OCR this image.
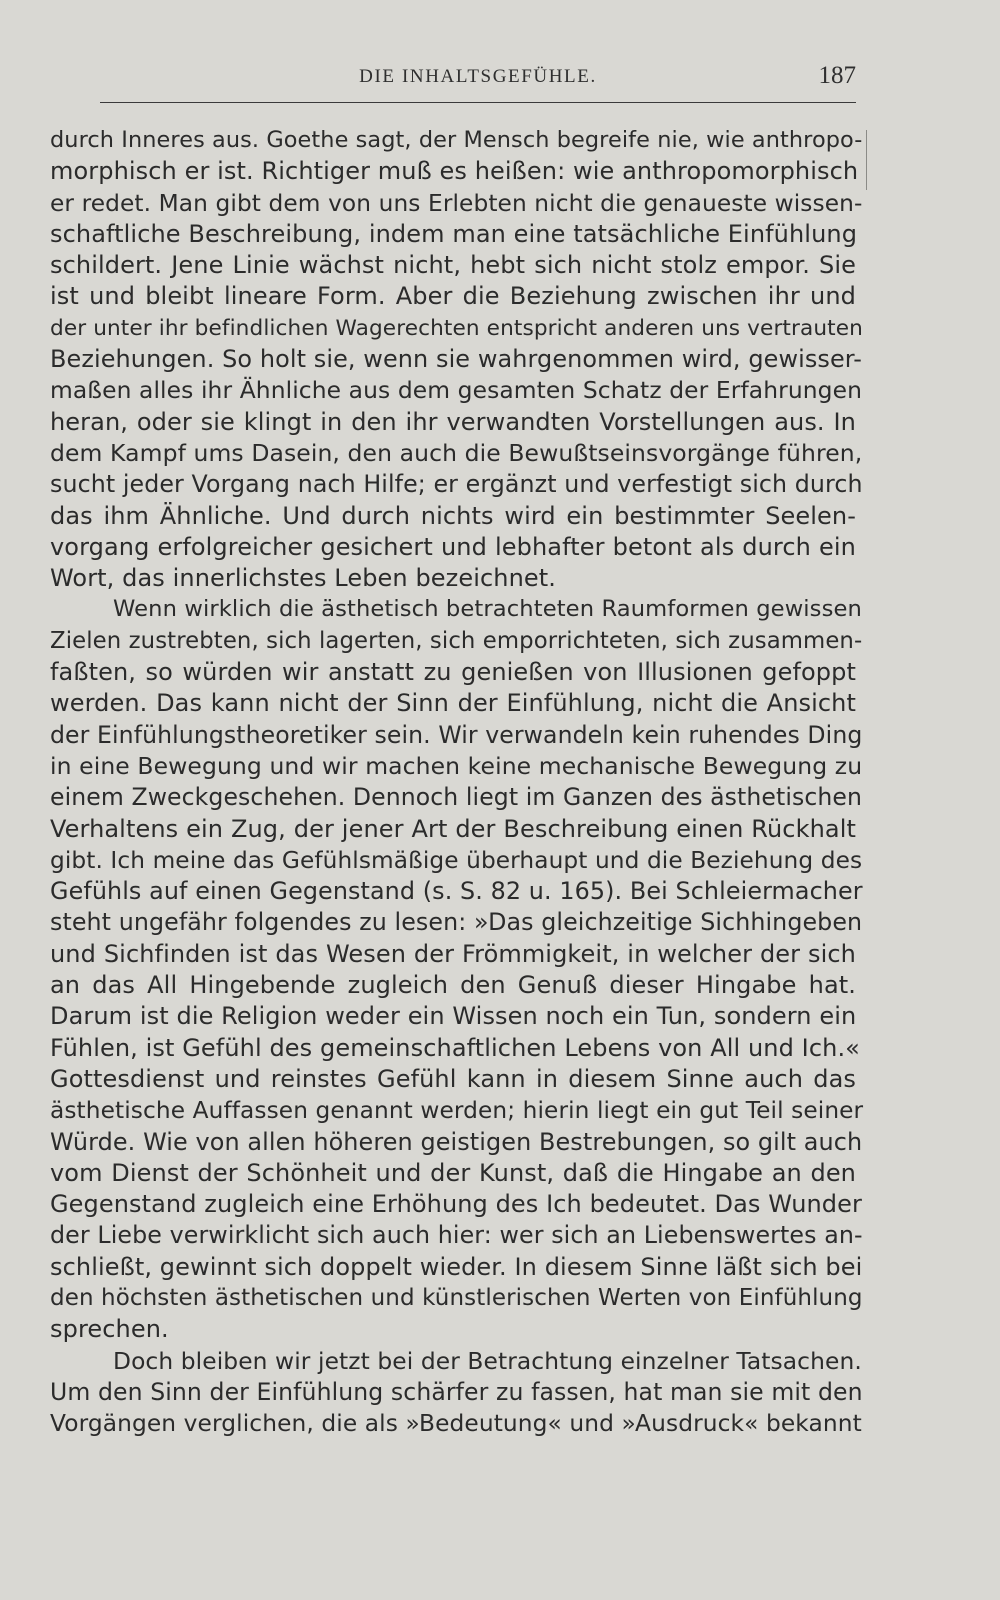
DIE INHALTSGEFÜHLE.	187
durch Inneres aus. Goethe sagt, der Mensch begreife nie, wie anthropo-
morphisch er ist. Richtiger muß es heißen: wie anthropomorphisch
er redet. Man gibt dem von uns Erlebten nicht die genaueste wissen-
schaftliche Beschreibung, indem man eine tatsächliche Einfühlung
schildert. Jene Linie wächst nicht, hebt sich nicht stolz empor. Sie
ist und bleibt lineare Form. Aber die Beziehung zwischen ihr und
der unter ihr befindlichen Wagerechten entspricht anderen uns vertrauten
Beziehungen. So holt sie, wenn sie wahrgenommen wird, gewisser-
maßen alles ihr Ähnliche aus dem gesamten Schatz der Erfahrungen
heran, oder sie klingt in den ihr verwandten Vorstellungen aus. In
dem Kampf ums Dasein, den auch die Bewußtseinsvorgänge führen,
sucht jeder Vorgang nach Hilfe; er ergänzt und verfestigt sich durch
das ihm Ähnliche. Und durch nichts wird ein bestimmter Seelen-
vorgang erfolgreicher gesichert und lebhafter betont als durch ein
Wort, das innerlichstes Leben bezeichnet.
Wenn wirklich die ästhetisch betrachteten Raumformen gewissen
Zielen zustrebten, sich lagerten, sich emporrichteten, sich zusammen-
faßten, so würden wir anstatt zu genießen von Illusionen gefoppt
werden. Das kann nicht der Sinn der Einfühlung, nicht die Ansicht
der Einfühlungstheoretiker sein. Wir verwandeln kein ruhendes Ding
in eine Bewegung und wir machen keine mechanische Bewegung zu
einem Zweckgeschehen. Dennoch liegt im Ganzen des ästhetischen
Verhaltens ein Zug, der jener Art der Beschreibung einen Rückhalt
gibt. Ich meine das Gefühlsmäßige überhaupt und die Beziehung des
Gefühls auf einen Gegenstand (s. S. 82 u. 165). Bei Schleiermacher
steht ungefähr folgendes zu lesen: »Das gleichzeitige Sichhingeben
und Sichfinden ist das Wesen der Frömmigkeit, in welcher der sich
an das All Hingebende zugleich den Genuß dieser Hingabe hat.
Darum ist die Religion weder ein Wissen noch ein Tun, sondern ein
Fühlen, ist Gefühl des gemeinschaftlichen Lebens von All und Ich.«
Gottesdienst und reinstes Gefühl kann in diesem Sinne auch das
ästhetische Auffassen genannt werden; hierin liegt ein gut Teil seiner
Würde. Wie von allen höheren geistigen Bestrebungen, so gilt auch
vom Dienst der Schönheit und der Kunst, daß die Hingabe an den
Gegenstand zugleich eine Erhöhung des Ich bedeutet. Das Wunder
der Liebe verwirklicht sich auch hier: wer sich an Liebenswertes an-
schließt, gewinnt sich doppelt wieder. In diesem Sinne läßt sich bei
den höchsten ästhetischen und künstlerischen Werten von Einfühlung
sprechen.
Doch bleiben wir jetzt bei der Betrachtung einzelner Tatsachen.
Um den Sinn der Einfühlung schärfer zu fassen, hat man sie mit den
Vorgängen verglichen, die als »Bedeutung« und »Ausdruck« bekannt
